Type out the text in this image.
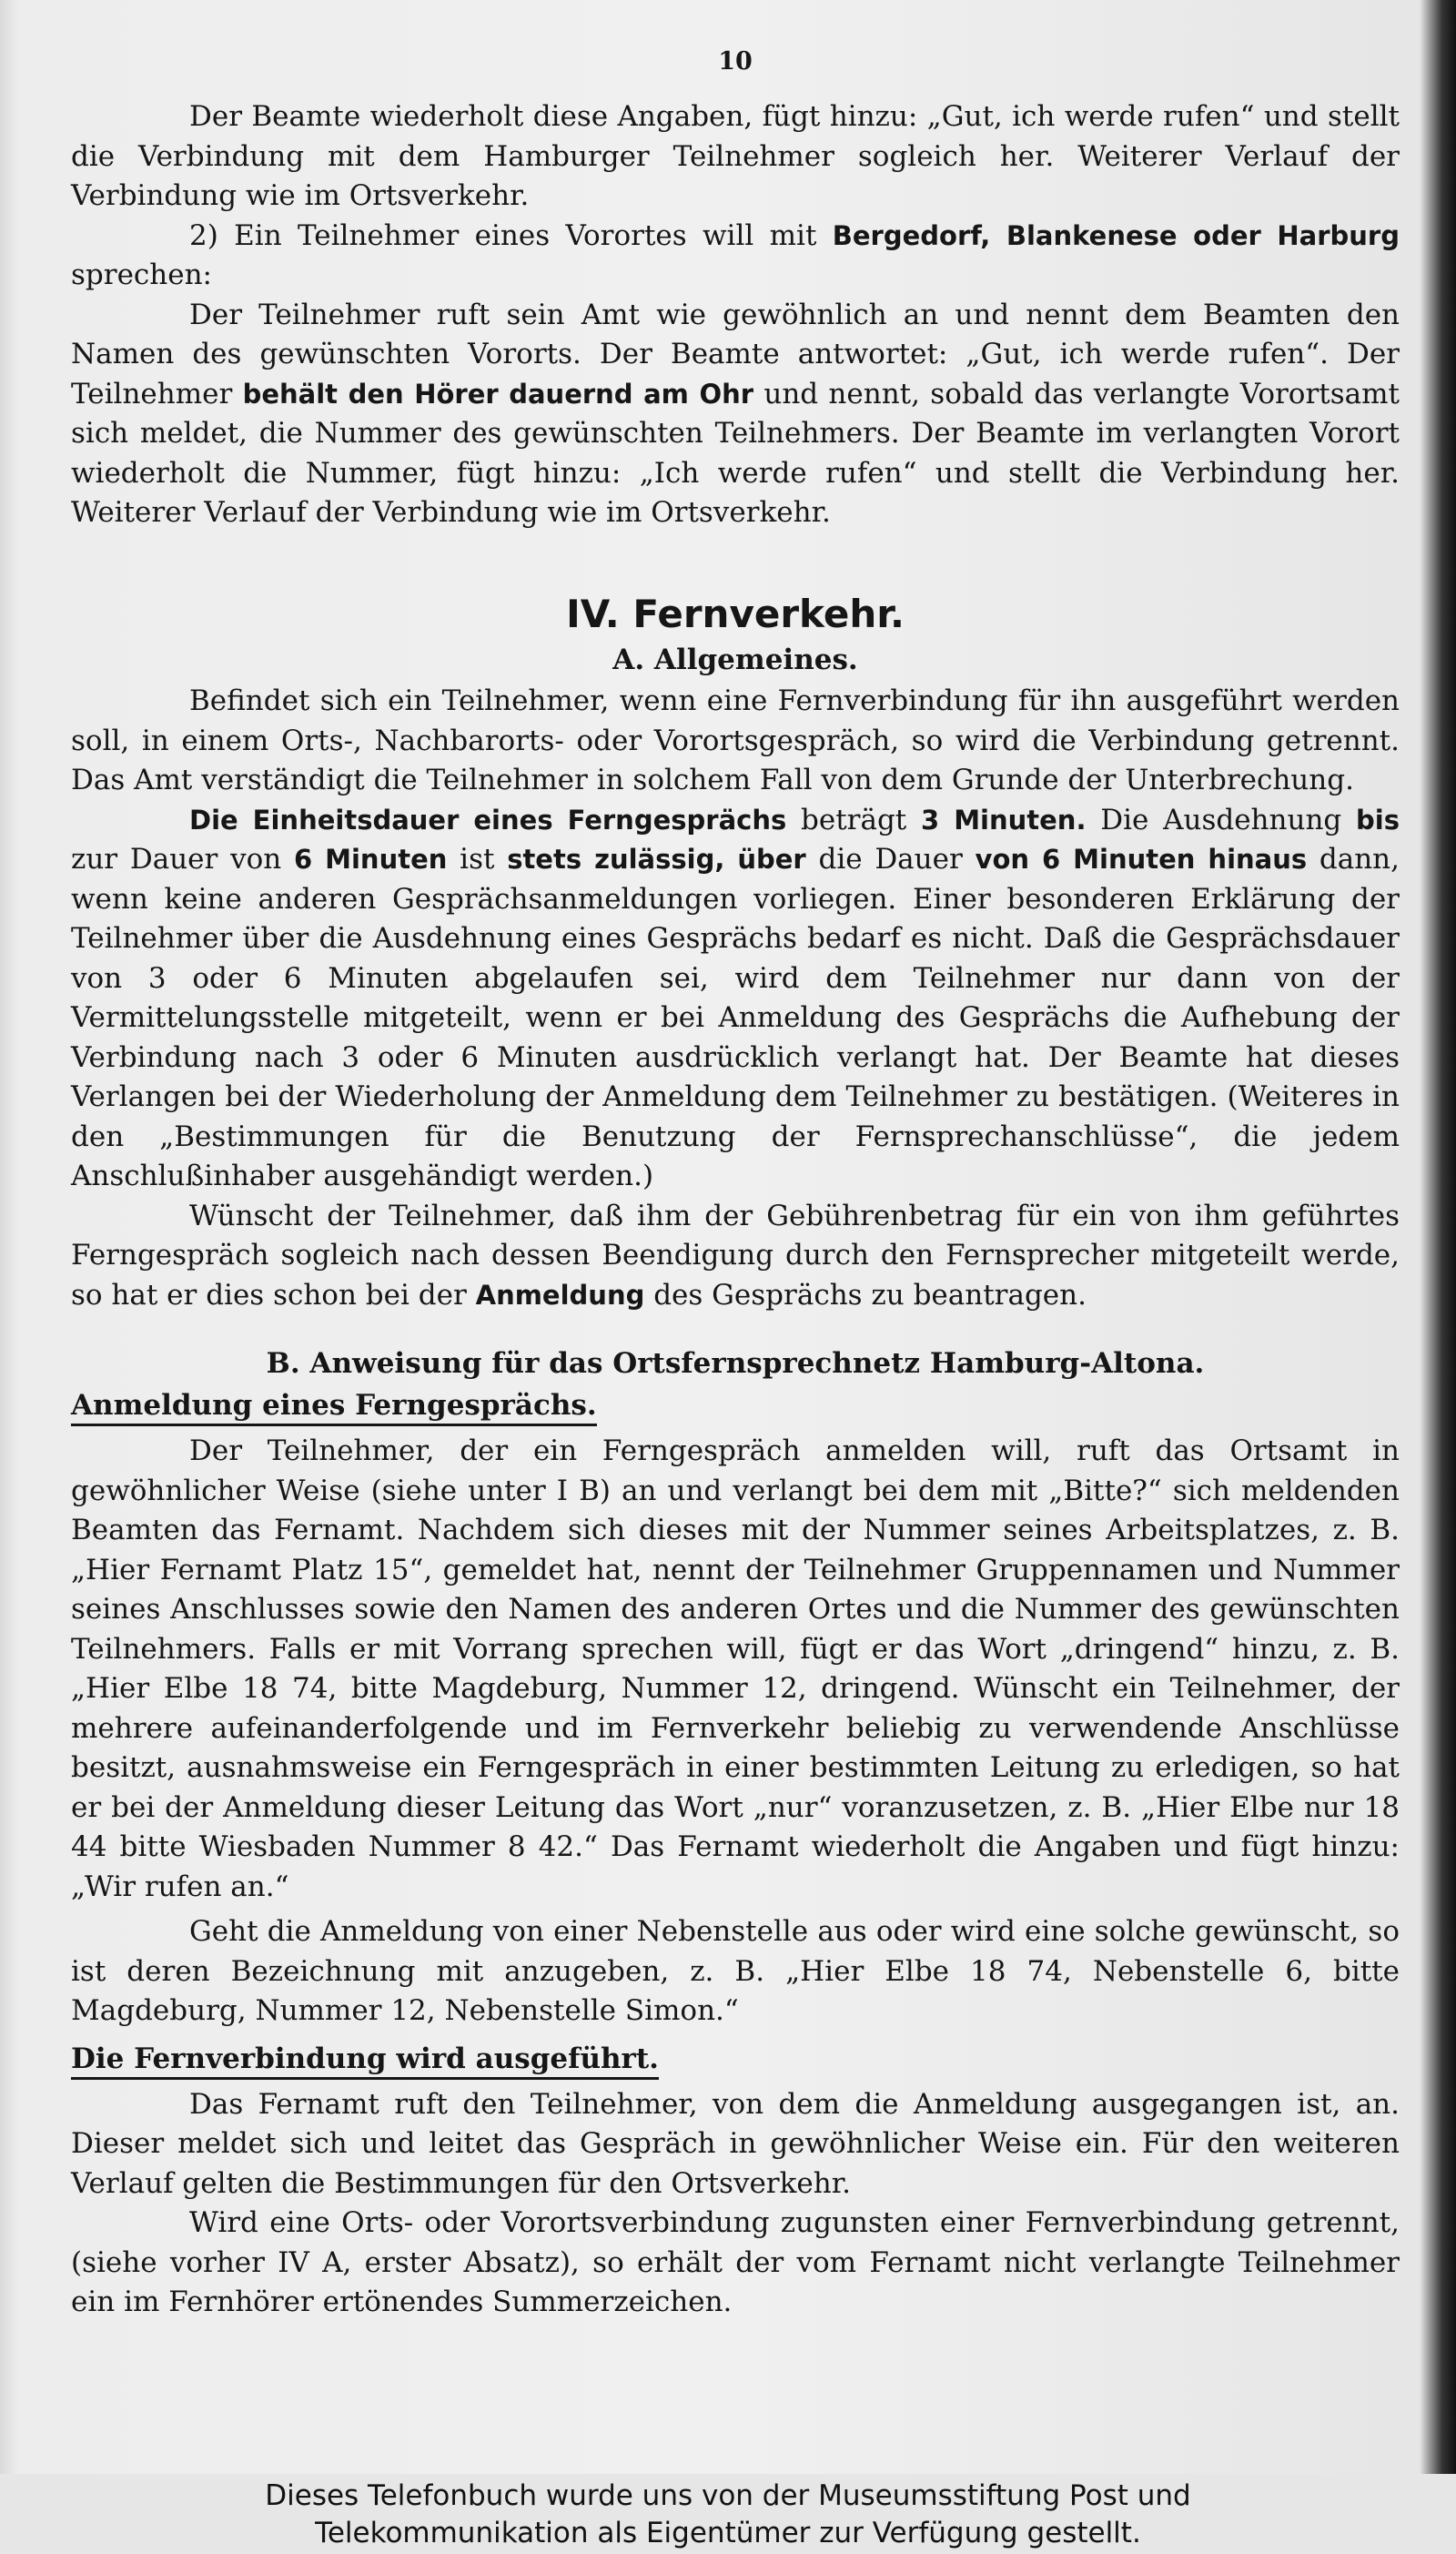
10

Der Beamte wiederholt diese Angaben, fügt hinzu: „Gut, ich werde rufen“ und stellt die Verbindung mit dem Hamburger Teilnehmer sogleich her. Weiterer Verlauf der Verbindung wie im Ortsverkehr.

2) Ein Teilnehmer eines Vorortes will mit Bergedorf, Blankenese oder Harburg sprechen:

Der Teilnehmer ruft sein Amt wie gewöhnlich an und nennt dem Beamten den Namen des gewünschten Vororts. Der Beamte antwortet: „Gut, ich werde rufen“. Der Teilnehmer behält den Hörer dauernd am Ohr und nennt, sobald das verlangte Vorortsamt sich meldet, die Nummer des gewünschten Teilnehmers. Der Beamte im verlangten Vorort wiederholt die Nummer, fügt hinzu: „Ich werde rufen“ und stellt die Verbindung her. Weiterer Verlauf der Verbindung wie im Ortsverkehr.

IV. Fernverkehr.
A. Allgemeines.

Befindet sich ein Teilnehmer, wenn eine Fernverbindung für ihn ausgeführt werden soll, in einem Orts-, Nachbarorts- oder Vorortsgespräch, so wird die Verbindung getrennt. Das Amt verständigt die Teilnehmer in solchem Fall von dem Grunde der Unterbrechung.

Die Einheitsdauer eines Ferngesprächs beträgt 3 Minuten. Die Ausdehnung bis zur Dauer von 6 Minuten ist stets zulässig, über die Dauer von 6 Minuten hinaus dann, wenn keine anderen Gesprächsanmeldungen vorliegen. Einer besonderen Erklärung der Teilnehmer über die Ausdehnung eines Gesprächs bedarf es nicht. Daß die Gesprächsdauer von 3 oder 6 Minuten abgelaufen sei, wird dem Teilnehmer nur dann von der Vermittelungsstelle mitgeteilt, wenn er bei Anmeldung des Gesprächs die Aufhebung der Verbindung nach 3 oder 6 Minuten ausdrücklich verlangt hat. Der Beamte hat dieses Verlangen bei der Wiederholung der Anmeldung dem Teilnehmer zu bestätigen. (Weiteres in den „Bestimmungen für die Benutzung der Fernsprechanschlüsse“, die jedem Anschlußinhaber ausgehändigt werden.)

Wünscht der Teilnehmer, daß ihm der Gebührenbetrag für ein von ihm geführtes Ferngespräch sogleich nach dessen Beendigung durch den Fernsprecher mitgeteilt werde, so hat er dies schon bei der Anmeldung des Gesprächs zu beantragen.

B. Anweisung für das Ortsfernsprechnetz Hamburg-Altona.
Anmeldung eines Ferngesprächs.

Der Teilnehmer, der ein Ferngespräch anmelden will, ruft das Ortsamt in gewöhnlicher Weise (siehe unter I B) an und verlangt bei dem mit „Bitte?“ sich meldenden Beamten das Fernamt. Nachdem sich dieses mit der Nummer seines Arbeitsplatzes, z. B. „Hier Fernamt Platz 15“, gemeldet hat, nennt der Teilnehmer Gruppennamen und Nummer seines Anschlusses sowie den Namen des anderen Ortes und die Nummer des gewünschten Teilnehmers. Falls er mit Vorrang sprechen will, fügt er das Wort „dringend“ hinzu, z. B. „Hier Elbe 18 74, bitte Magdeburg, Nummer 12, dringend. Wünscht ein Teilnehmer, der mehrere aufeinanderfolgende und im Fernverkehr beliebig zu verwendende Anschlüsse besitzt, ausnahmsweise ein Ferngespräch in einer bestimmten Leitung zu erledigen, so hat er bei der Anmeldung dieser Leitung das Wort „nur“ voranzusetzen, z. B. „Hier Elbe nur 18 44 bitte Wiesbaden Nummer 8 42.“ Das Fernamt wiederholt die Angaben und fügt hinzu: „Wir rufen an.“

Geht die Anmeldung von einer Nebenstelle aus oder wird eine solche gewünscht, so ist deren Bezeichnung mit anzugeben, z. B. „Hier Elbe 18 74, Nebenstelle 6, bitte Magdeburg, Nummer 12, Nebenstelle Simon.“

Die Fernverbindung wird ausgeführt.

Das Fernamt ruft den Teilnehmer, von dem die Anmeldung ausgegangen ist, an. Dieser meldet sich und leitet das Gespräch in gewöhnlicher Weise ein. Für den weiteren Verlauf gelten die Bestimmungen für den Ortsverkehr.

Wird eine Orts- oder Vorortsverbindung zugunsten einer Fernverbindung getrennt, (siehe vorher IV A, erster Absatz), so erhält der vom Fernamt nicht verlangte Teilnehmer ein im Fernhörer ertönendes Summerzeichen.

Dieses Telefonbuch wurde uns von der Museumsstiftung Post und
Telekommunikation als Eigentümer zur Verfügung gestellt.
